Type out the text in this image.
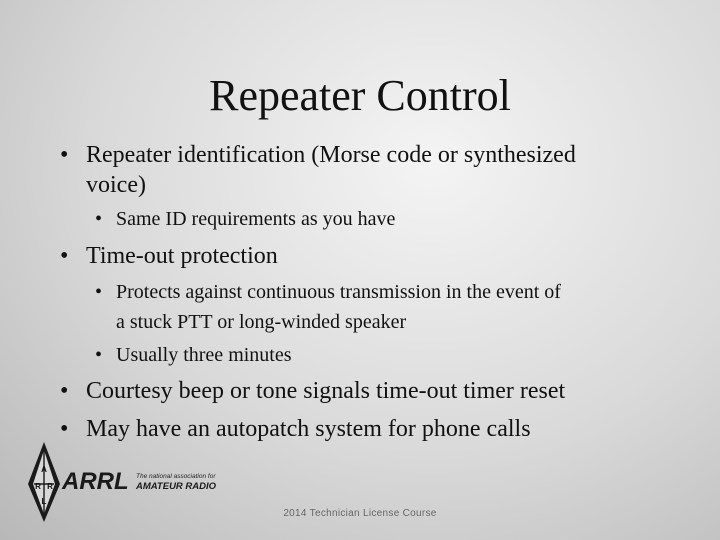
Repeater Control
• Repeater identification (Morse code or synthesized
voice)
• Same ID requirements as you have
• Time-out protection
• Protects against continuous transmission in the event of
a stuck PTT or long-winded speaker
• Usually three minutes
• Courtesy beep or tone signals time-out timer reset
• May have an autopatch system for phone calls
A
R R
L
ARRL The national association for
AMATEUR RADIO
2014 Technician License Course
